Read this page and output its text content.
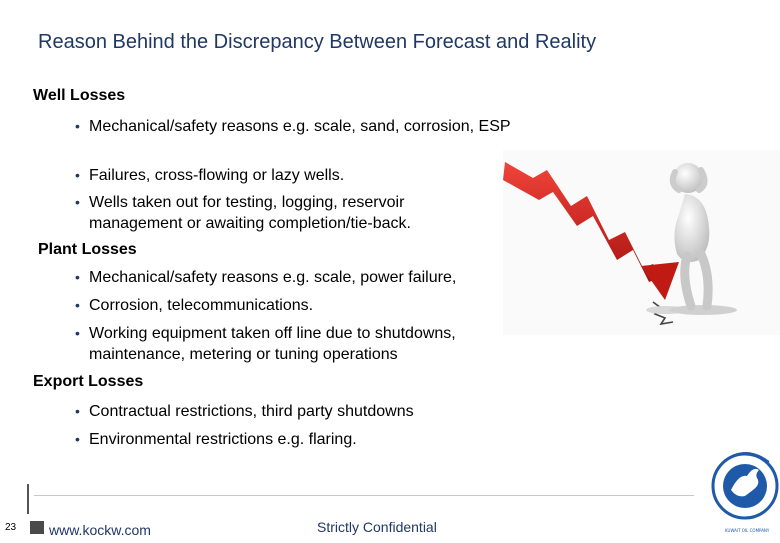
Reason Behind the Discrepancy Between Forecast and Reality
Well Losses
• Mechanical/safety reasons e.g. scale, sand, corrosion, ESP
• Failures, cross-flowing or lazy wells.
• Wells taken out for testing, logging, reservoir management or awaiting completion/tie-back.
Plant Losses
• Mechanical/safety reasons e.g. scale, power failure,
• Corrosion, telecommunications.
• Working equipment taken off line due to shutdowns, maintenance, metering or tuning operations
Export Losses
• Contractual restrictions, third party shutdowns
• Environmental restrictions e.g. flaring.
23 www.kockw.com	Strictly Confidential	KUWAIT OIL COMPANY
